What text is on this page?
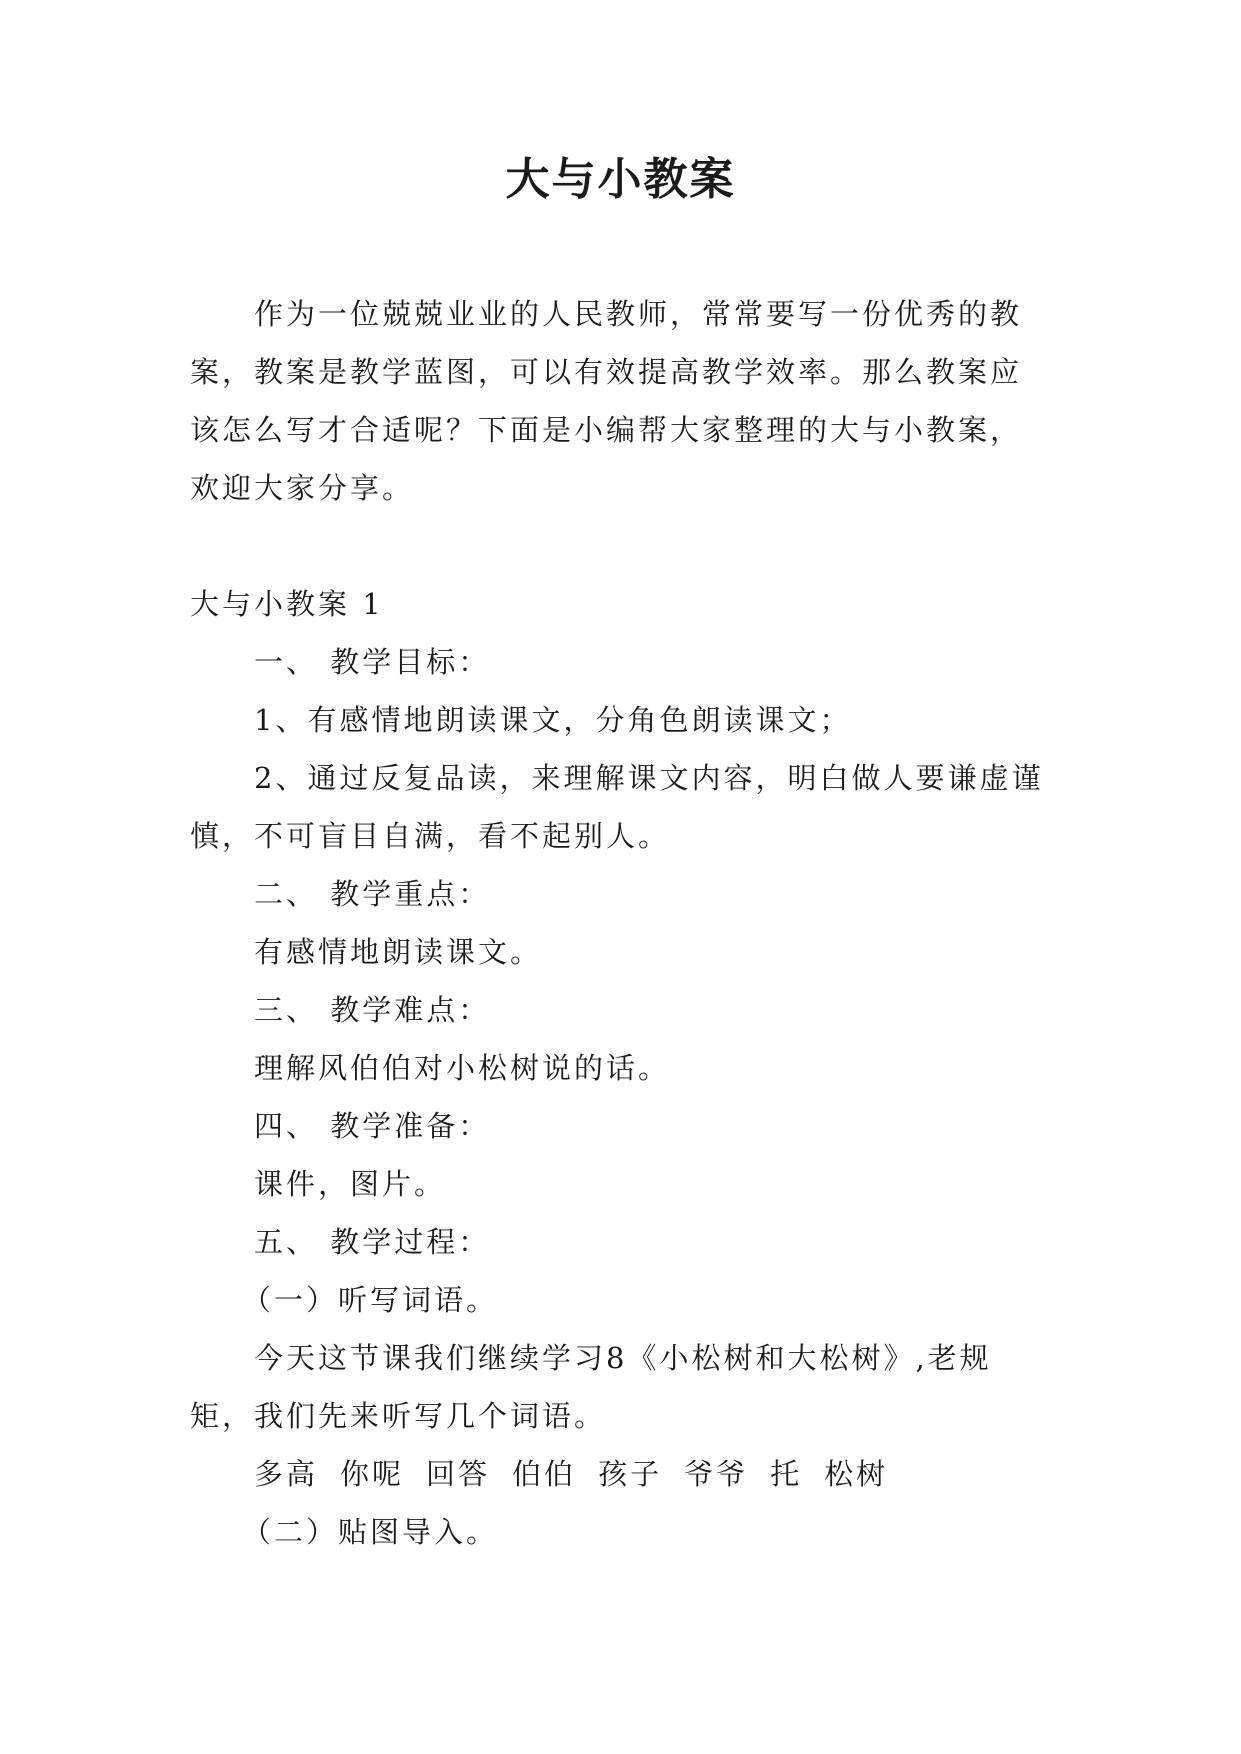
大与小教案

作为一位兢兢业业的人民教师，常常要写一份优秀的教案，教案是教学蓝图，可以有效提高教学效率。那么教案应该怎么写才合适呢？下面是小编帮大家整理的大与小教案，欢迎大家分享。

大与小教案 1

一、 教学目标：

1、有感情地朗读课文，分角色朗读课文；

2、通过反复品读，来理解课文内容，明白做人要谦虚谨慎，不可盲目自满，看不起别人。

二、 教学重点：

有感情地朗读课文。

三、 教学难点：

理解风伯伯对小松树说的话。

四、 教学准备：

课件，图片。

五、 教学过程：

（一）听写词语。

今天这节课我们继续学习8《小松树和大松树》,老规矩，我们先来听写几个词语。

多高 你呢 回答 伯伯 孩子 爷爷 托 松树

（二）贴图导入。
